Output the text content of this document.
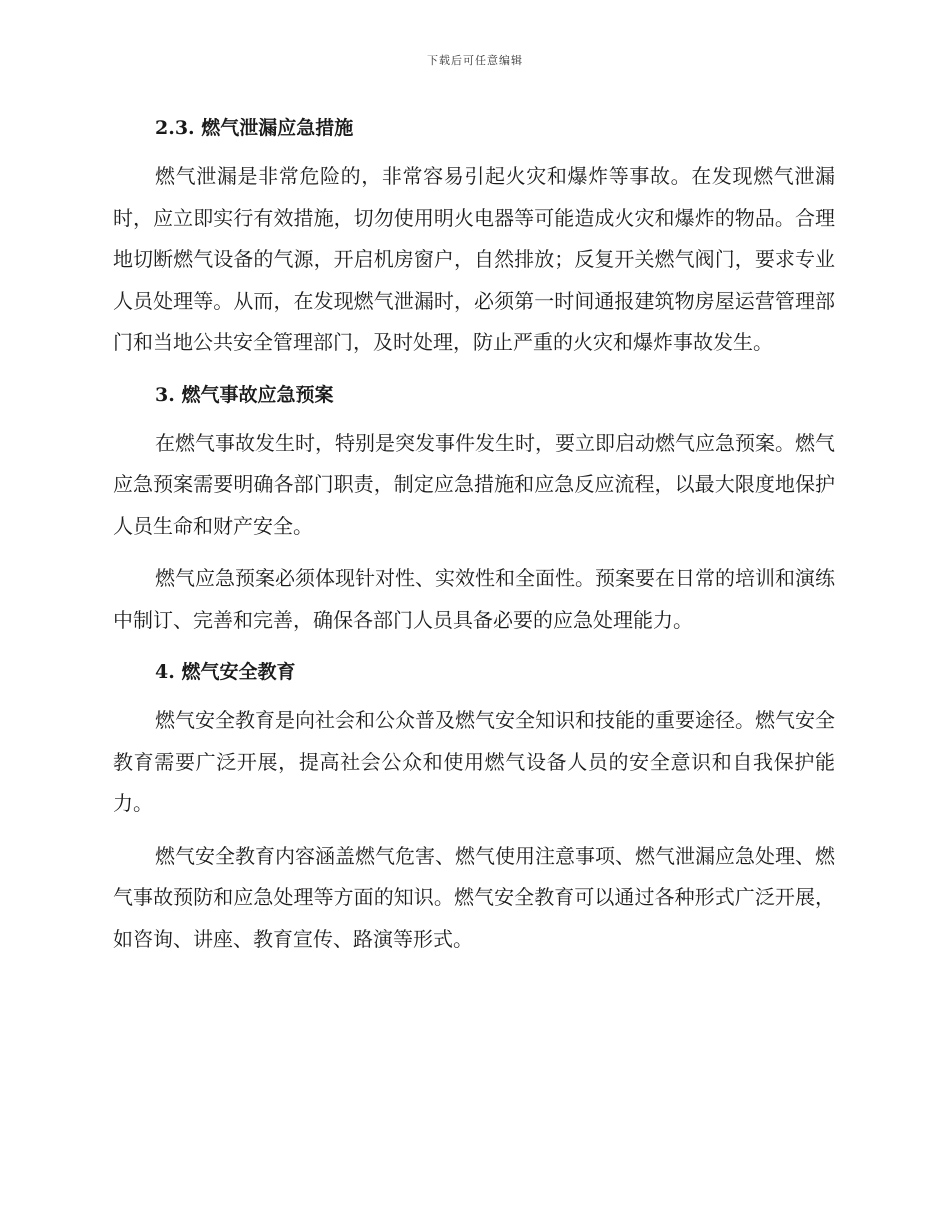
下载后可任意编辑
2.3. 燃气泄漏应急措施

燃气泄漏是非常危险的，非常容易引起火灾和爆炸等事故。在发现燃气泄漏时，应立即实行有效措施，切勿使用明火电器等可能造成火灾和爆炸的物品。合理地切断燃气设备的气源，开启机房窗户，自然排放；反复开关燃气阀门，要求专业人员处理等。从而，在发现燃气泄漏时，必须第一时间通报建筑物房屋运营管理部门和当地公共安全管理部门，及时处理，防止严重的火灾和爆炸事故发生。

3. 燃气事故应急预案

在燃气事故发生时，特别是突发事件发生时，要立即启动燃气应急预案。燃气应急预案需要明确各部门职责，制定应急措施和应急反应流程，以最大限度地保护人员生命和财产安全。

燃气应急预案必须体现针对性、实效性和全面性。预案要在日常的培训和演练中制订、完善和完善，确保各部门人员具备必要的应急处理能力。

4. 燃气安全教育

燃气安全教育是向社会和公众普及燃气安全知识和技能的重要途径。燃气安全教育需要广泛开展，提高社会公众和使用燃气设备人员的安全意识和自我保护能力。

燃气安全教育内容涵盖燃气危害、燃气使用注意事项、燃气泄漏应急处理、燃气事故预防和应急处理等方面的知识。燃气安全教育可以通过各种形式广泛开展，如咨询、讲座、教育宣传、路演等形式。
